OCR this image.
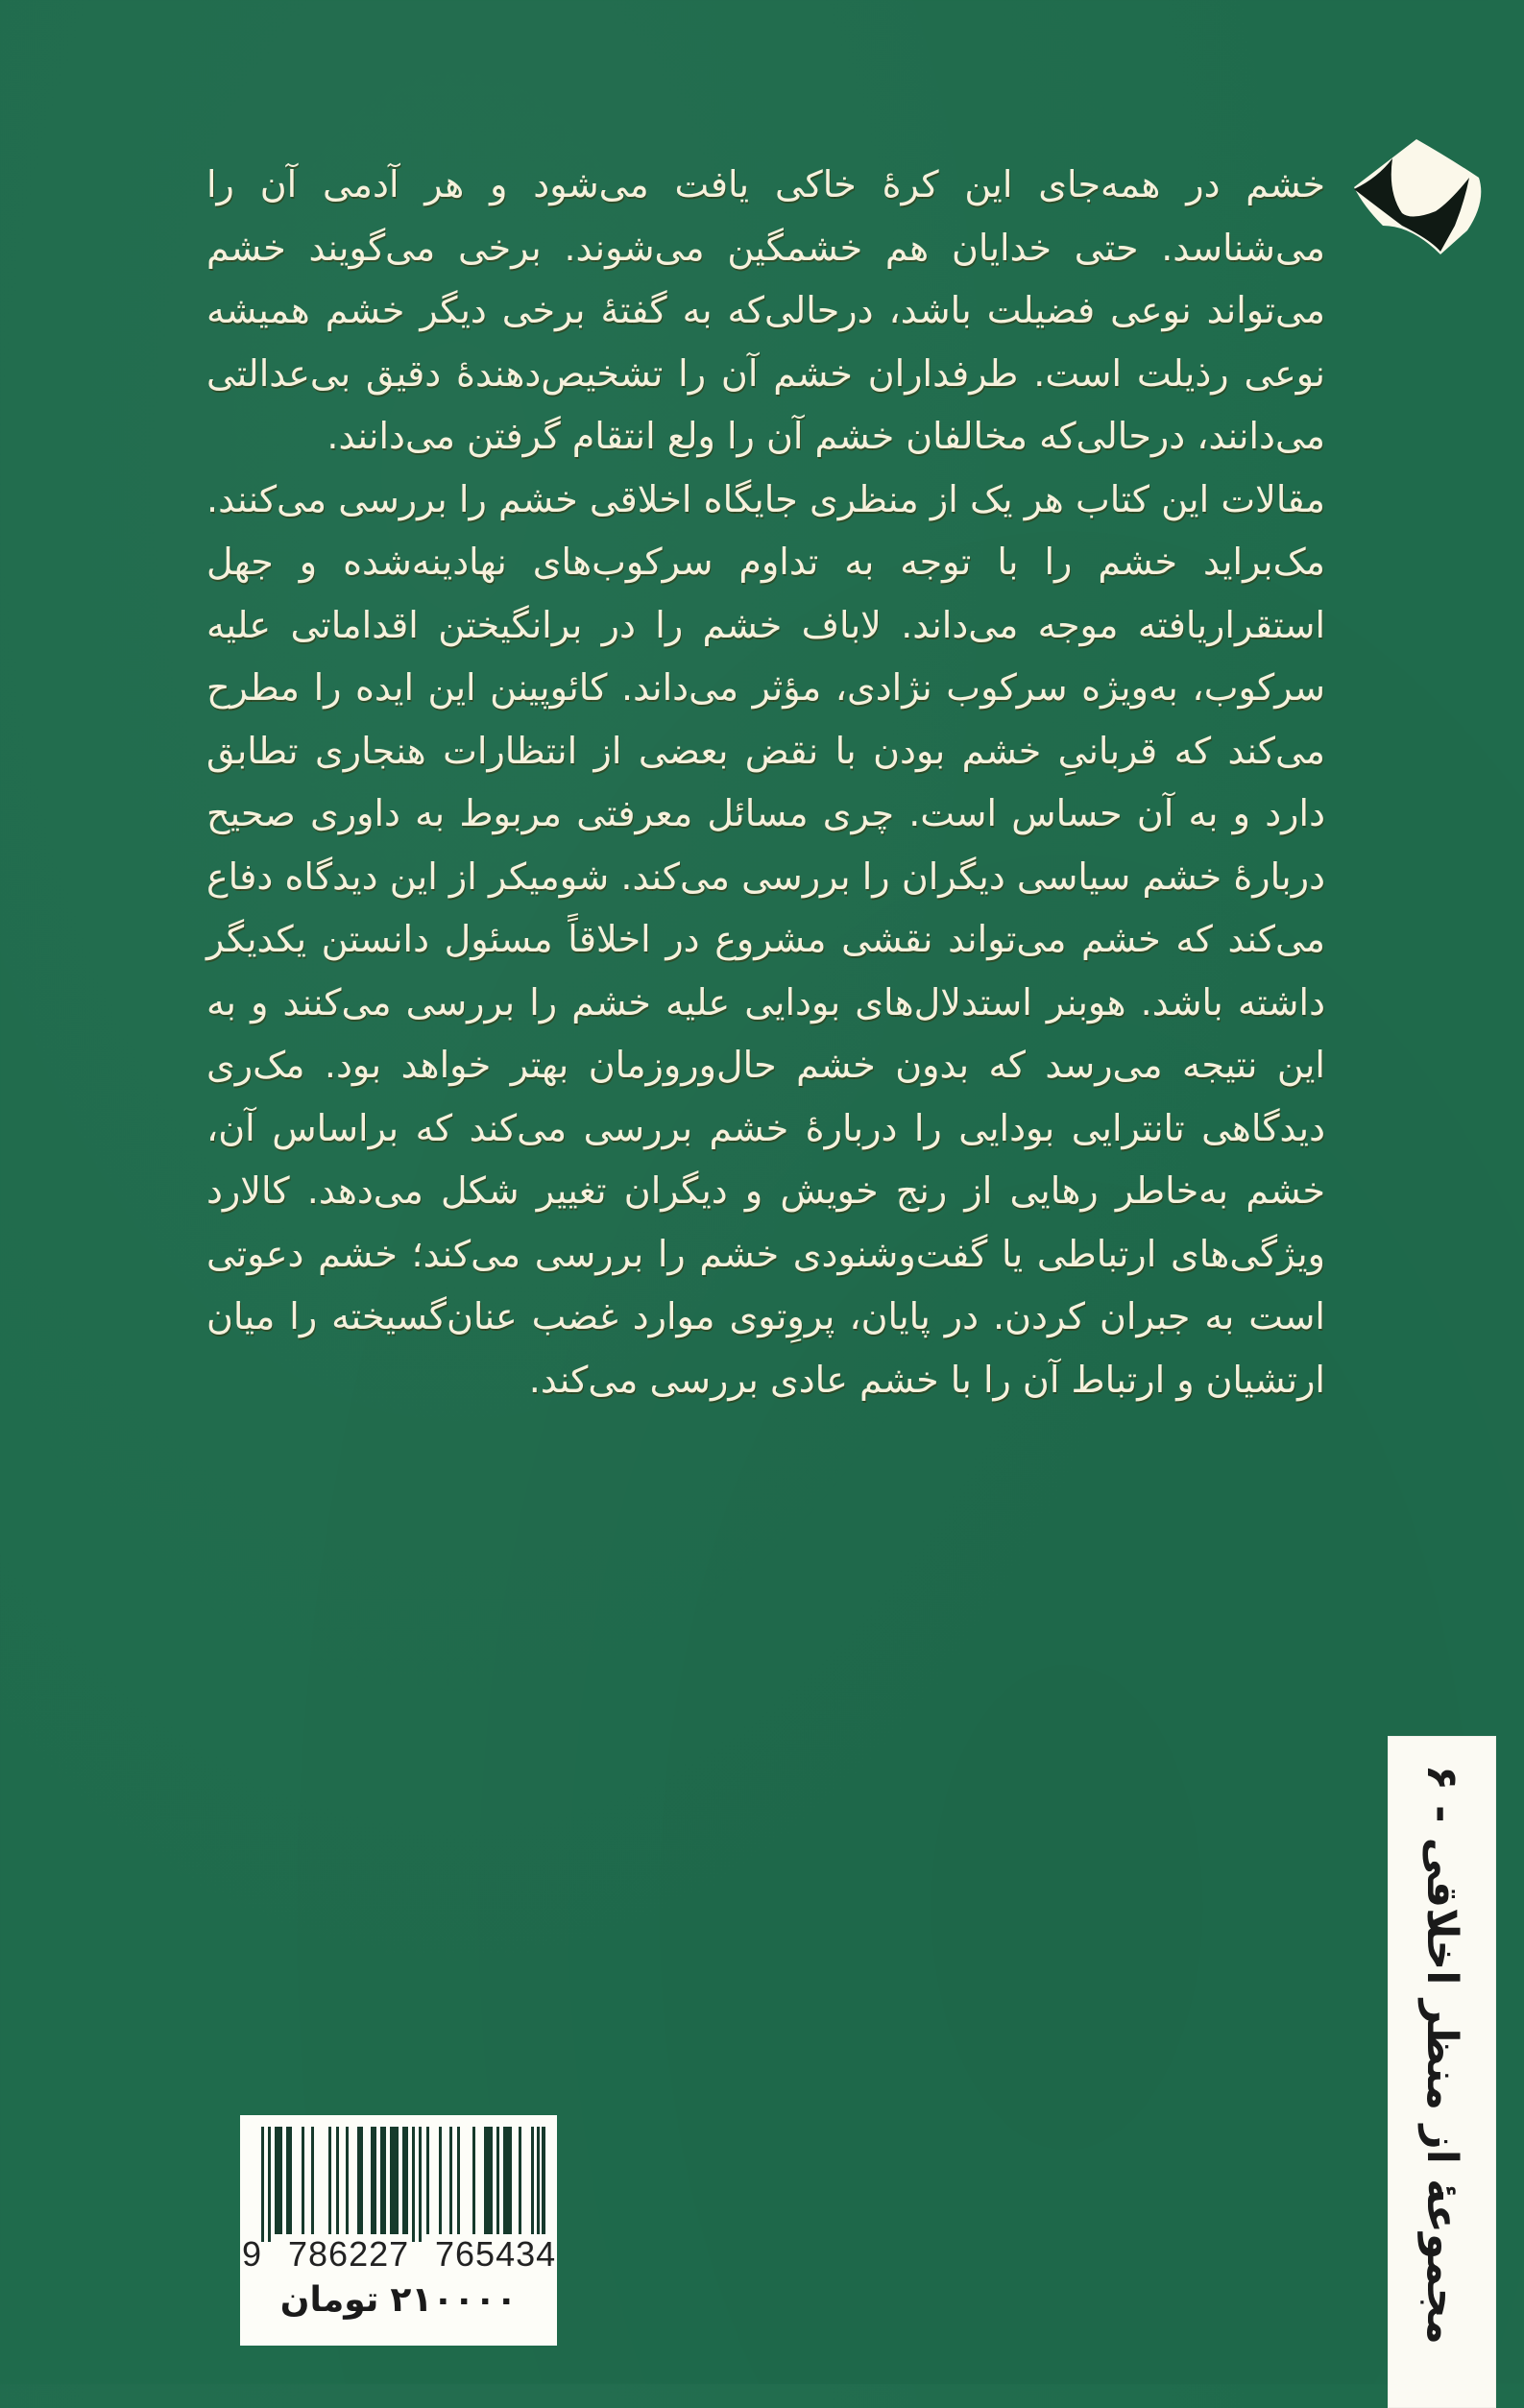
خشم در همه‌جای این کرهٔ خاکی یافت می‌شود و هر آدمی آن را می‌شناسد. حتی خدایان هم خشمگین می‌شوند. برخی می‌گویند خشم می‌تواند نوعی فضیلت باشد، درحالی‌که به گفتهٔ برخی دیگر خشم همیشه نوعی رذیلت است. طرفداران خشم آن را تشخیص‌دهندهٔ دقیق بی‌عدالتی می‌دانند، درحالی‌که مخالفان خشم آن را ولع انتقام گرفتن می‌دانند.

مقالات این کتاب هر یک از منظری جایگاه اخلاقی خشم را بررسی می‌کنند. مک‌براید خشم را با توجه به تداوم سرکوب‌های نهادینه‌شده و جهل استقراریافته موجه می‌داند. لاباف خشم را در برانگیختن اقداماتی علیه سرکوب، به‌ویژه سرکوب نژادی، مؤثر می‌داند. کائوپینن این ایده را مطرح می‌کند که قربانیِ خشم بودن با نقض بعضی از انتظارات هنجاری تطابق دارد و به آن حساس است. چری مسائل معرفتی مربوط به داوری صحیح دربارهٔ خشم سیاسی دیگران را بررسی می‌کند. شومیکر از این دیدگاه دفاع می‌کند که خشم می‌تواند نقشی مشروع در اخلاقاً مسئول دانستن یکدیگر داشته باشد. هوبنر استدلال‌های بودایی علیه خشم را بررسی می‌کنند و به این نتیجه می‌رسد که بدون خشم حال‌وروزمان بهتر خواهد بود. مک‌ری دیدگاهی تانترایی بودایی را دربارهٔ خشم بررسی می‌کند که براساس آن، خشم به‌خاطر رهایی از رنج خویش و دیگران تغییر شکل می‌دهد. کالارد ویژگی‌های ارتباطی یا گفت‌وشنودی خشم را بررسی می‌کند؛ خشم دعوتی است به جبران کردن. در پایان، پروِتوی موارد غضب عنان‌گسیخته را میان ارتشیان و ارتباط آن را با خشم عادی بررسی می‌کند.

مجموعهٔ از منظر اخلاقی - ۶
9 786227 765434
۲۱۰۰۰۰تومان
